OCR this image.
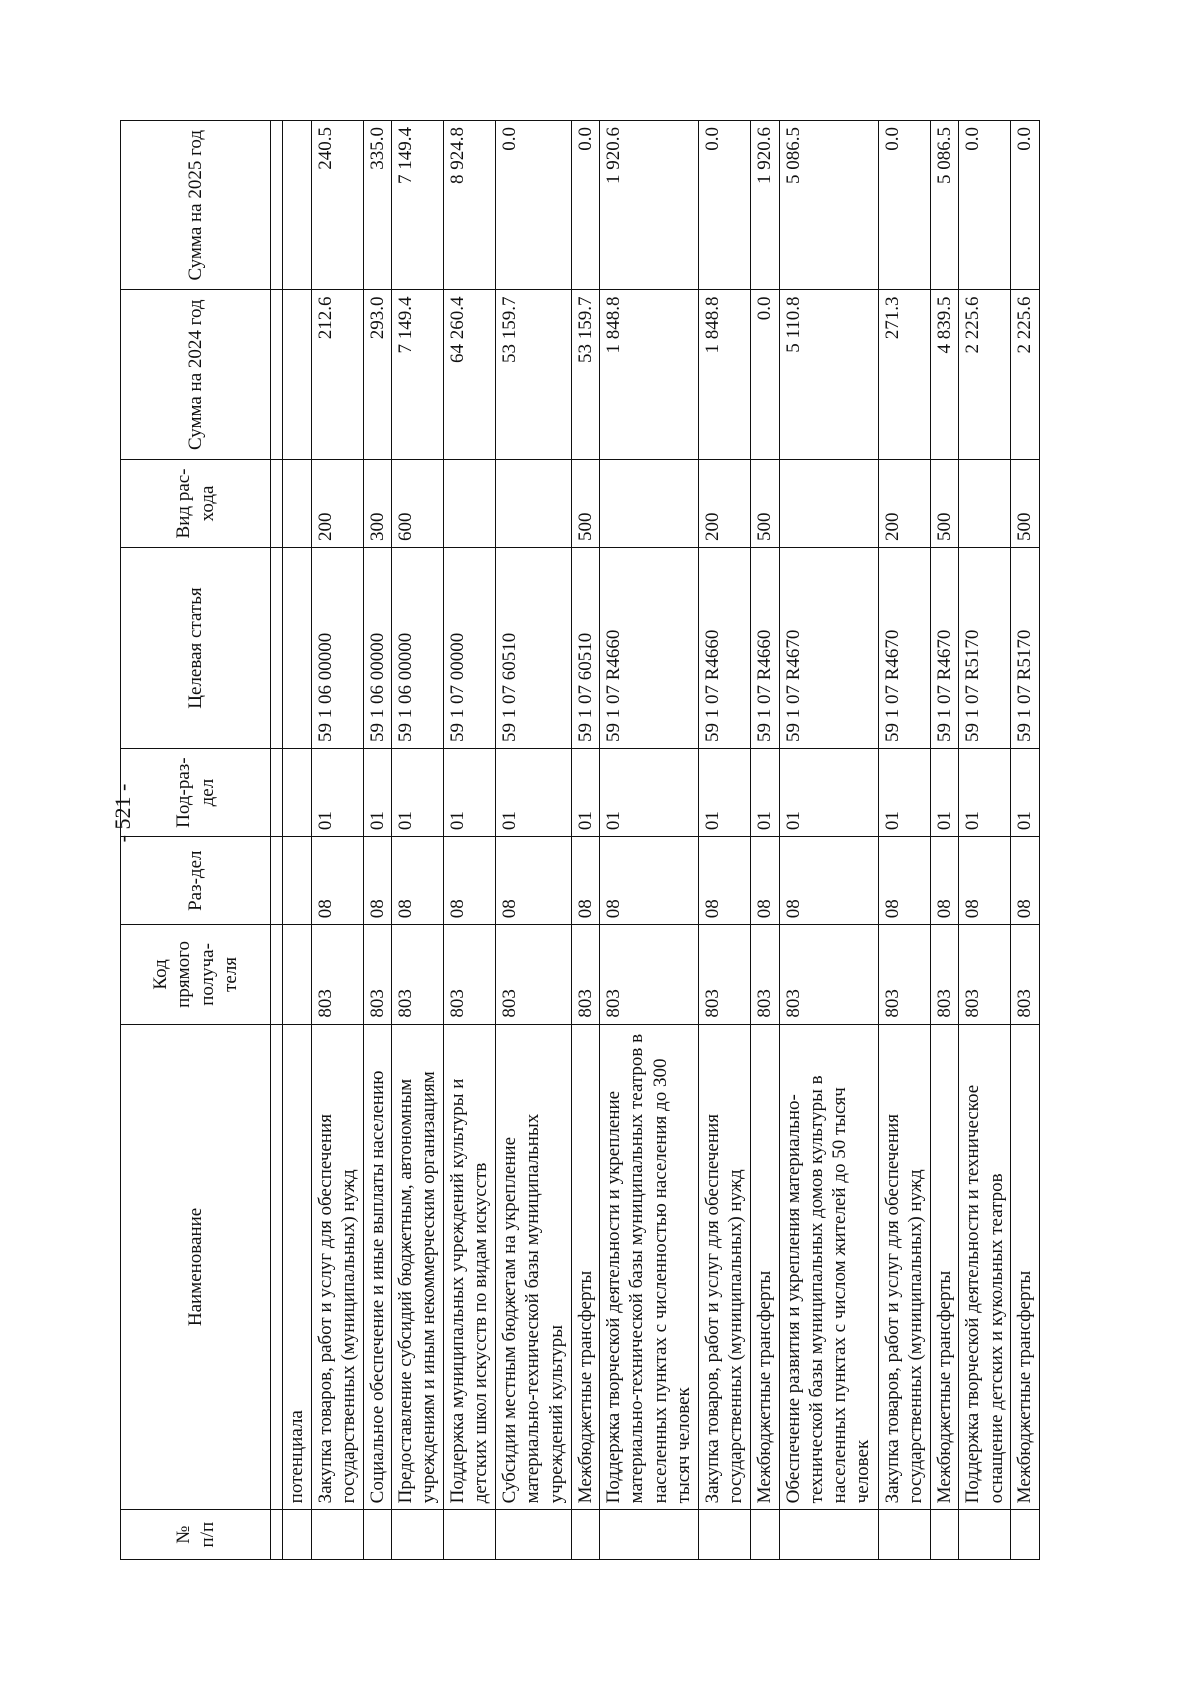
- 521 -
№ п/п	Наименование	Код прямого получа-теля	Раз-дел	Под-раз-дел	Целевая статья	Вид рас-хода	Сумма на 2024 год	Сумма на 2025 год

	потенциала							
	Закупка товаров, работ и услуг для обеспечения государственных (муниципальных) нужд	803	08	01	59 1 06 00000	200	212.6	240.5
	Социальное обеспечение и иные выплаты населению	803	08	01	59 1 06 00000	300	293.0	335.0
	Предоставление субсидий бюджетным, автономным учреждениям и иным некоммерческим организациям	803	08	01	59 1 06 00000	600	7 149.4	7 149.4
	Поддержка муниципальных учреждений культуры и детских школ искусств по видам искусств	803	08	01	59 1 07 00000		64 260.4	8 924.8
	Субсидии местным бюджетам на укрепление материально-технической базы муниципальных учреждений культуры	803	08	01	59 1 07 60510		53 159.7	0.0
	Межбюджетные трансферты	803	08	01	59 1 07 60510	500	53 159.7	0.0
	Поддержка творческой деятельности и укрепление материально-технической базы муниципальных театров в населенных пунктах с численностью населения до 300 тысяч человек	803	08	01	59 1 07 R4660		1 848.8	1 920.6
	Закупка товаров, работ и услуг для обеспечения государственных (муниципальных) нужд	803	08	01	59 1 07 R4660	200	1 848.8	0.0
	Межбюджетные трансферты	803	08	01	59 1 07 R4660	500	0.0	1 920.6
	Обеспечение развития и укрепления материально-технической базы муниципальных домов культуры в населенных пунктах с числом жителей до 50 тысяч человек	803	08	01	59 1 07 R4670		5 110.8	5 086.5
	Закупка товаров, работ и услуг для обеспечения государственных (муниципальных) нужд	803	08	01	59 1 07 R4670	200	271.3	0.0
	Межбюджетные трансферты	803	08	01	59 1 07 R4670	500	4 839.5	5 086.5
	Поддержка творческой деятельности и техническое оснащение детских и кукольных театров	803	08	01	59 1 07 R5170		2 225.6	0.0
	Межбюджетные трансферты	803	08	01	59 1 07 R5170	500	2 225.6	0.0
